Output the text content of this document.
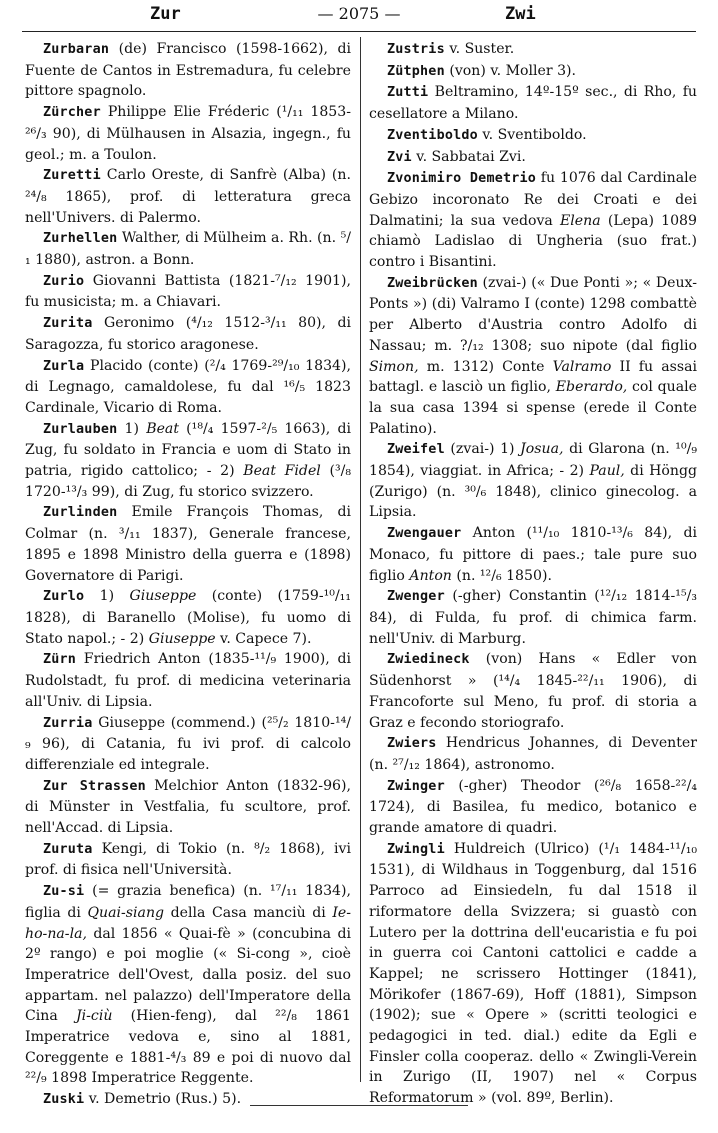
Zur	— 2075 —	Zwi

Zurbaran (de) Francisco (1598-1662), di Fuente de Cantos in Estremadura, fu celebre pittore spagnolo.

Zürcher Philippe Elie Fréderic (¹/₁₁ 1853-²⁶/₃ 90), di Mülhausen in Alsazia, ingegn., fu geol.; m. a Toulon.

Zuretti Carlo Oreste, di Sanfrè (Alba) (n. ²⁴/₈ 1865), prof. di letteratura greca nell'Univers. di Palermo.

Zurhellen Walther, di Mülheim a. Rh. (n. ⁵/₁ 1880), astron. a Bonn.

Zurio Giovanni Battista (1821-⁷/₁₂ 1901), fu musicista; m. a Chiavari.

Zurita Geronimo (⁴/₁₂ 1512-³/₁₁ 80), di Saragozza, fu storico aragonese.

Zurla Placido (conte) (²/₄ 1769-²⁹/₁₀ 1834), di Legnago, camaldolese, fu dal ¹⁶/₅ 1823 Cardinale, Vicario di Roma.

Zurlauben 1) Beat (¹⁸/₄ 1597-²/₅ 1663), di Zug, fu soldato in Francia e uom di Stato in patria, rigido cattolico; - 2) Beat Fidel (³/₈ 1720-¹³/₃ 99), di Zug, fu storico svizzero.

Zurlinden Emile François Thomas, di Colmar (n. ³/₁₁ 1837), Generale francese, 1895 e 1898 Ministro della guerra e (1898) Governatore di Parigi.

Zurlo 1) Giuseppe (conte) (1759-¹⁰/₁₁ 1828), di Baranello (Molise), fu uomo di Stato napol.; - 2) Giuseppe v. Capece 7).

Zürn Friedrich Anton (1835-¹¹/₉ 1900), di Rudolstadt, fu prof. di medicina veterinaria all'Univ. di Lipsia.

Zurria Giuseppe (commend.) (²⁵/₂ 1810-¹⁴/₉ 96), di Catania, fu ivi prof. di calcolo differenziale ed integrale.

Zur Strassen Melchior Anton (1832-96), di Münster in Vestfalia, fu scultore, prof. nell'Accad. di Lipsia.

Zuruta Kengi, di Tokio (n. ⁸/₂ 1868), ivi prof. di fisica nell'Università.

Zu-si (= grazia benefica) (n. ¹⁷/₁₁ 1834), figlia di Quai-siang della Casa manciù di Ie-ho-na-la, dal 1856 « Quai-fè » (concubina di 2º rango) e poi moglie (« Si-cong », cioè Imperatrice dell'Ovest, dalla posiz. del suo appartam. nel palazzo) dell'Imperatore della Cina Ji-ciù (Hien-feng), dal ²²/₈ 1861 Imperatrice vedova e, sino al 1881, Coreggente e 1881-⁴/₃ 89 e poi di nuovo dal ²²/₉ 1898 Imperatrice Reggente.

Zuski v. Demetrio (Rus.) 5).

Zustris v. Suster.

Zütphen (von) v. Moller 3).

Zutti Beltramino, 14º-15º sec., di Rho, fu cesellatore a Milano.

Zventiboldo v. Sventiboldo.

Zvi v. Sabbatai Zvi.

Zvonimiro Demetrio fu 1076 dal Cardinale Gebizo incoronato Re dei Croati e dei Dalmatini; la sua vedova Elena (Lepa) 1089 chiamò Ladislao di Ungheria (suo frat.) contro i Bisantini.

Zweibrücken (zvai-) (« Due Ponti »; « Deux-Ponts ») (di) Valramo I (conte) 1298 combattè per Alberto d'Austria contro Adolfo di Nassau; m. ?/₁₂ 1308; suo nipote (dal figlio Simon, m. 1312) Conte Valramo II fu assai battagl. e lasciò un figlio, Eberardo, col quale la sua casa 1394 si spense (erede il Conte Palatino).

Zweifel (zvai-) 1) Josua, di Glarona (n. ¹⁰/₉ 1854), viaggiat. in Africa; - 2) Paul, di Höngg (Zurigo) (n. ³⁰/₆ 1848), clinico ginecolog. a Lipsia.

Zwengauer Anton (¹¹/₁₀ 1810-¹³/₆ 84), di Monaco, fu pittore di paes.; tale pure suo figlio Anton (n. ¹²/₆ 1850).

Zwenger (-gher) Constantin (¹²/₁₂ 1814-¹⁵/₃ 84), di Fulda, fu prof. di chimica farm. nell'Univ. di Marburg.

Zwiedineck (von) Hans « Edler von Südenhorst » (¹⁴/₄ 1845-²²/₁₁ 1906), di Francoforte sul Meno, fu prof. di storia a Graz e fecondo storiografo.

Zwiers Hendricus Johannes, di Deventer (n. ²⁷/₁₂ 1864), astronomo.

Zwinger (-gher) Theodor (²⁶/₈ 1658-²²/₄ 1724), di Basilea, fu medico, botanico e grande amatore di quadri.

Zwingli Huldreich (Ulrico) (¹/₁ 1484-¹¹/₁₀ 1531), di Wildhaus in Toggenburg, dal 1516 Parroco ad Einsiedeln, fu dal 1518 il riformatore della Svizzera; si guastò con Lutero per la dottrina dell'eucaristia e fu poi in guerra coi Cantoni cattolici e cadde a Kappel; ne scrissero Hottinger (1841), Mörikofer (1867-69), Hoff (1881), Simpson (1902); sue « Opere » (scritti teologici e pedagogici in ted. dial.) edite da Egli e Finsler colla cooperaz. dello « Zwingli-Verein in Zurigo (II, 1907) nel « Corpus Reformatorum » (vol. 89º, Berlin).
